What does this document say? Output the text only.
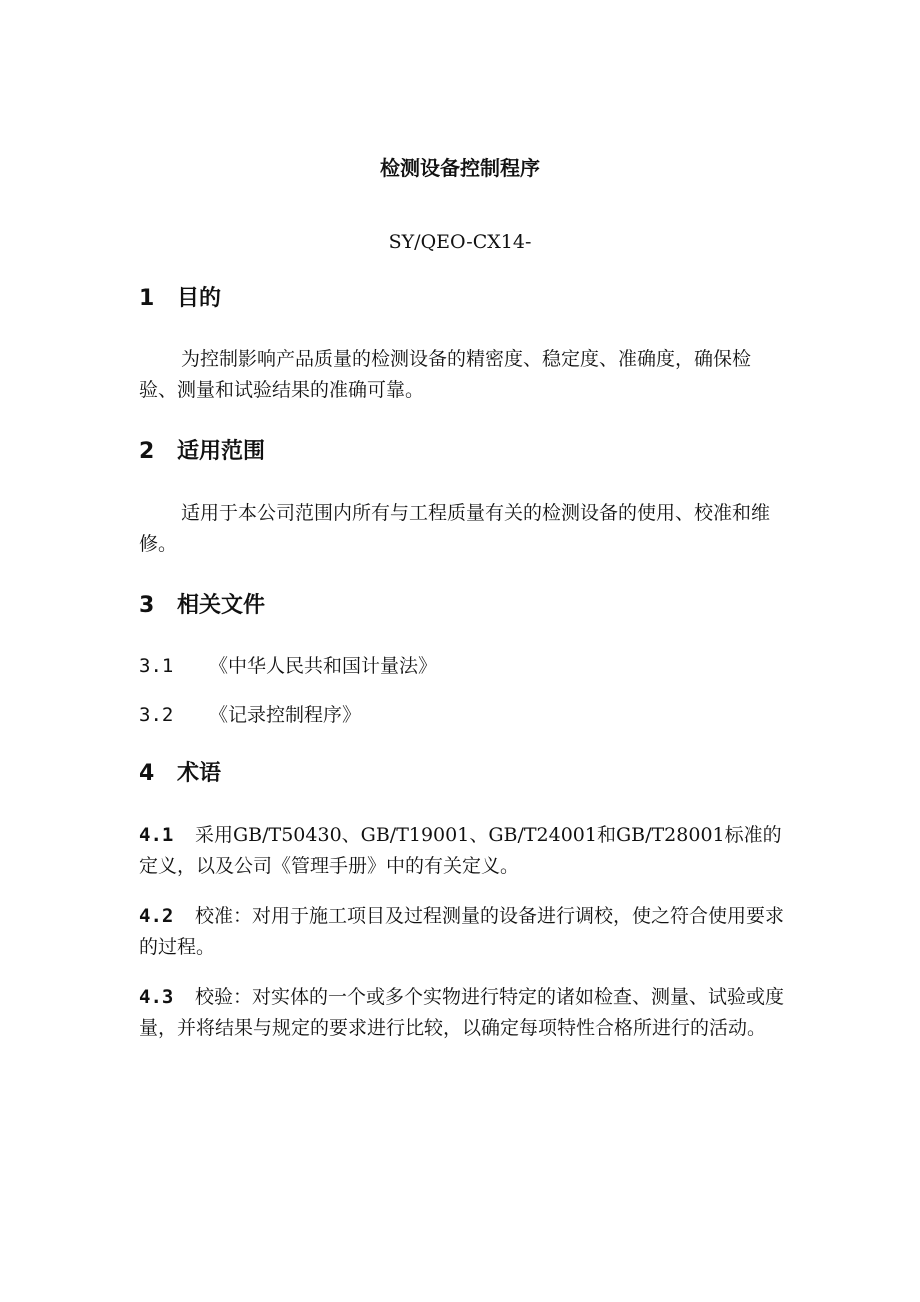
检测设备控制程序

SY/QEO-CX14-

1 目的

为控制影响产品质量的检测设备的精密度、稳定度、准确度，确保检验、测量和试验结果的准确可靠。

2 适用范围

适用于本公司范围内所有与工程质量有关的检测设备的使用、校准和维修。

3 相关文件

3.1 《中华人民共和国计量法》

3.2 《记录控制程序》

4 术语

4.1 采用GB/T50430、GB/T19001、GB/T24001和GB/T28001标准的定义，以及公司《管理手册》中的有关定义。

4.2 校准：对用于施工项目及过程测量的设备进行调校，使之符合使用要求的过程。

4.3 校验：对实体的一个或多个实物进行特定的诸如检查、测量、试验或度量，并将结果与规定的要求进行比较，以确定每项特性合格所进行的活动。
